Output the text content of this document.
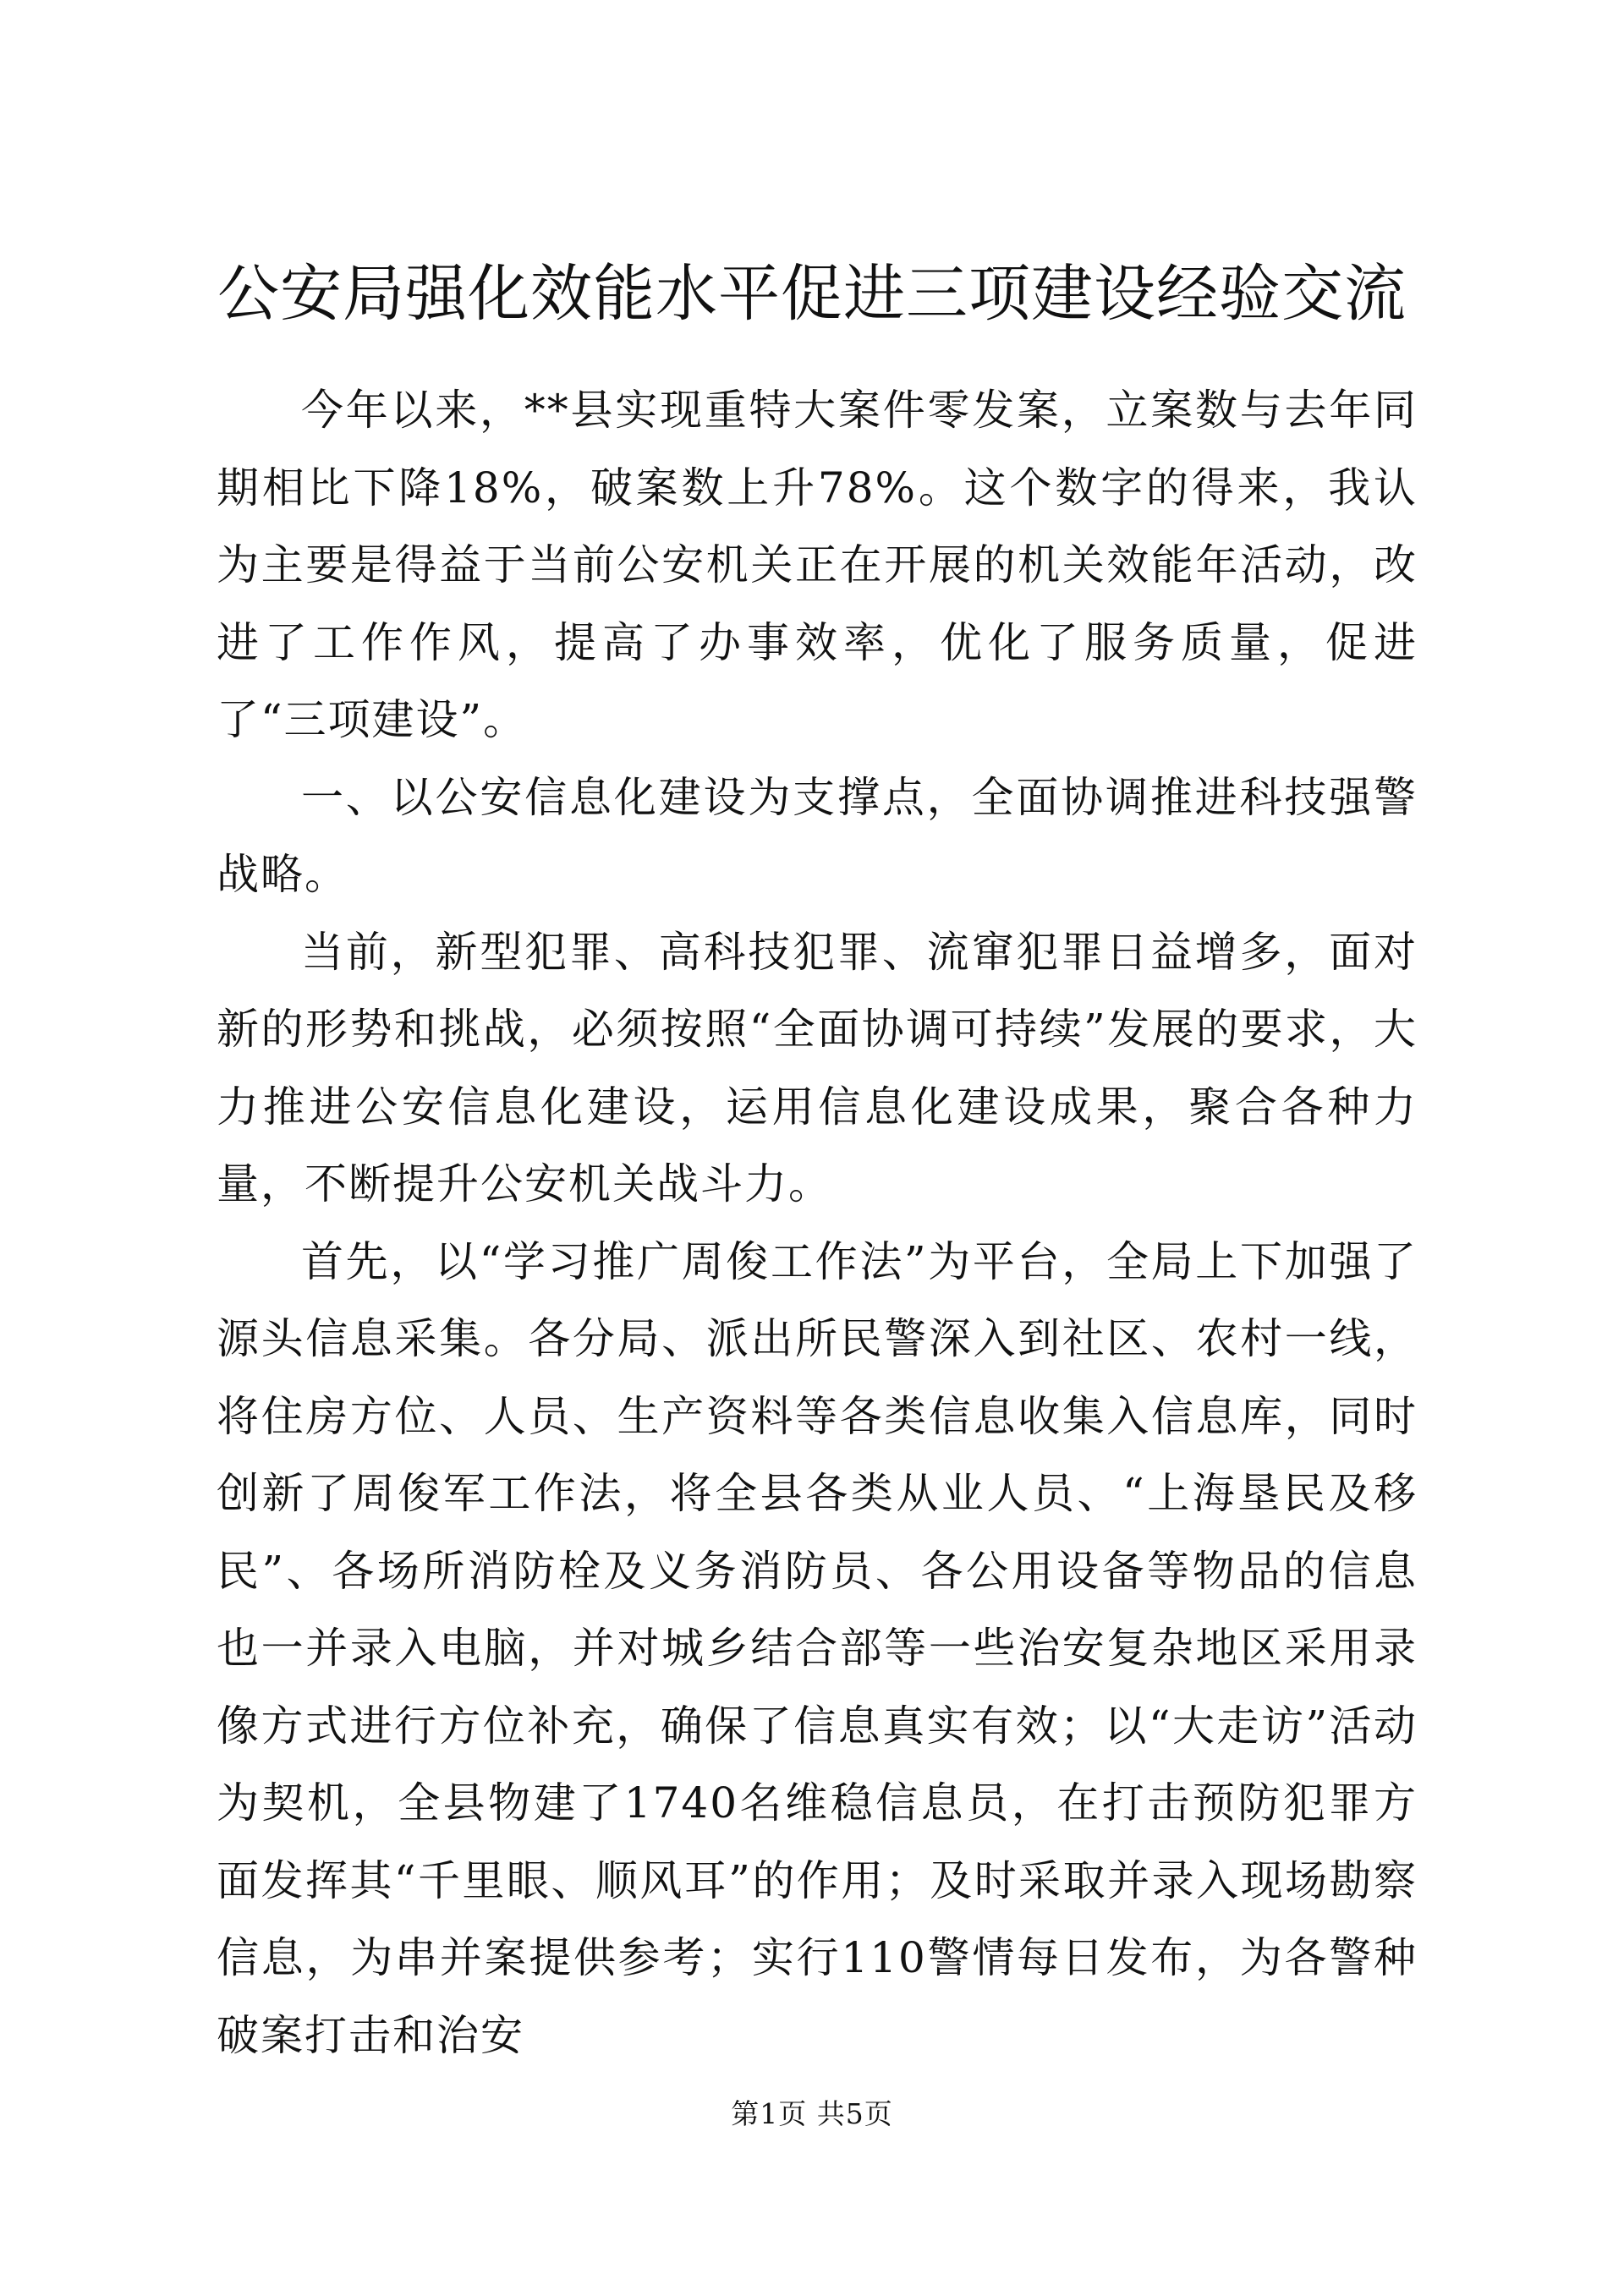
公安局强化效能水平促进三项建设经验交流

今年以来，**县实现重特大案件零发案，立案数与去年同期相比下降18%，破案数上升78%。这个数字的得来，我认为主要是得益于当前公安机关正在开展的机关效能年活动，改进了工作作风，提高了办事效率，优化了服务质量，促进了“三项建设”。

一、以公安信息化建设为支撑点，全面协调推进科技强警战略。

当前，新型犯罪、高科技犯罪、流窜犯罪日益增多，面对新的形势和挑战，必须按照“全面协调可持续”发展的要求，大力推进公安信息化建设，运用信息化建设成果，聚合各种力量，不断提升公安机关战斗力。

首先，以“学习推广周俊工作法”为平台，全局上下加强了源头信息采集。各分局、派出所民警深入到社区、农村一线，将住房方位、人员、生产资料等各类信息收集入信息库，同时创新了周俊军工作法，将全县各类从业人员、“上海垦民及移民”、各场所消防栓及义务消防员、各公用设备等物品的信息也一并录入电脑，并对城乡结合部等一些治安复杂地区采用录像方式进行方位补充，确保了信息真实有效；以“大走访”活动为契机，全县物建了1740名维稳信息员，在打击预防犯罪方面发挥其“千里眼、顺风耳”的作用；及时采取并录入现场勘察信息，为串并案提供参考；实行110警情每日发布，为各警种破案打击和治安

第1页 共5页
